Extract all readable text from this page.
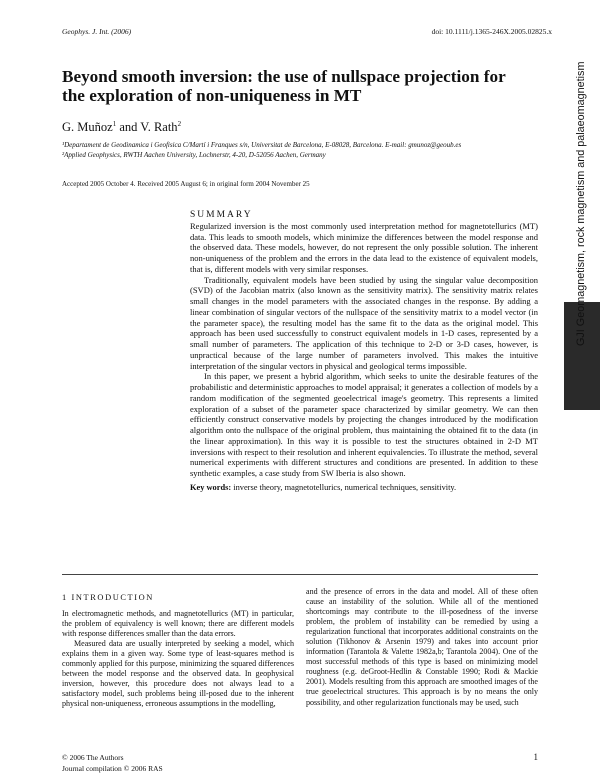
Geophys. J. Int. (2006)	doi: 10.1111/j.1365-246X.2005.02825.x
Beyond smooth inversion: the use of nullspace projection for the exploration of non-uniqueness in MT
G. Muñoz$^1$ and V. Rath$^2$
¹Departament de Geodinamica i Geofisica C/Martí i Franques s/n, Universitat de Barcelona, E-08028, Barcelona. E-mail: gmunoz@geoub.es
²Applied Geophysics, RWTH Aachen University, Lochnerstr, 4-20, D-52056 Aachen, Germany
Accepted 2005 October 4. Received 2005 August 6; in original form 2004 November 25
SUMMARY

Regularized inversion is the most commonly used interpretation method for magnetotellurics (MT) data. This leads to smooth models, which minimize the differences between the model response and the observed data. These models, however, do not represent the only possible solution. The inherent non-uniqueness of the problem and the errors in the data lead to the existence of equivalent models, that is, different models with very similar responses.

Traditionally, equivalent models have been studied by using the singular value decomposition (SVD) of the Jacobian matrix (also known as the sensitivity matrix). The sensitivity matrix relates small changes in the model parameters with the associated changes in the response. By adding a linear combination of singular vectors of the nullspace of the sensitivity matrix to a model vector (in the parameter space), the resulting model has the same fit to the data as the original model. This approach has been used successfully to construct equivalent models in 1-D cases, represented by a small number of parameters. The application of this technique to 2-D or 3-D cases, however, is unpractical because of the large number of parameters involved. This makes the intuitive interpretation of the singular vectors in physical and geological terms impossible.

In this paper, we present a hybrid algorithm, which seeks to unite the desirable features of the probabilistic and deterministic approaches to model appraisal; it generates a collection of models by a random modification of the segmented geoelectrical image's geometry. This represents a limited exploration of a subset of the parameter space characterized by similar geometry. We can then efficiently construct conservative models by projecting the changes introduced by the modification algorithm onto the nullspace of the original problem, thus maintaining the obtained fit to the data (in the linear approximation). In this way it is possible to test the structures obtained in 2-D MT inversions with respect to their resolution and inherent equivalencies. To illustrate the method, several numerical experiments with different structures and conditions are presented. In addition to these synthetic examples, a case study from SW Iberia is also shown.

Key words: inverse theory, magnetotellurics, numerical techniques, sensitivity.
1 INTRODUCTION

In electromagnetic methods, and magnetotellurics (MT) in particular, the problem of equivalency is well known; there are different models with response differences smaller than the data errors.

Measured data are usually interpreted by seeking a model, which explains them in a given way. Some type of least-squares method is commonly applied for this purpose, minimizing the squared differences between the model response and the observed data. In geophysical inversion, however, this procedure does not always lead to a satisfactory model, such problems being ill-posed due to the inherent physical non-uniqueness, erroneous assumptions in the modelling,

and the presence of errors in the data and model. All of these often cause an instability of the solution. While all of the mentioned shortcomings may contribute to the ill-posedness of the inverse problem, the problem of instability can be remedied by using a regularization functional that incorporates additional constraints on the solution (Tikhonov & Arsenin 1979) and takes into account prior information (Tarantola & Valette 1982a,b; Tarantola 2004). One of the most successful methods of this type is based on minimizing model roughness (e.g. deGroot-Hedlin & Constable 1990; Rodi & Mackie 2001). Models resulting from this approach are smoothed images of the true geoelectrical structures. This approach is by no means the only possibility, and other regularization functionals may be used, such

© 2006 The Authors
Journal compilation © 2006 RAS
1
GJI Geomagnetism, rock magnetism and palaeomagnetism
